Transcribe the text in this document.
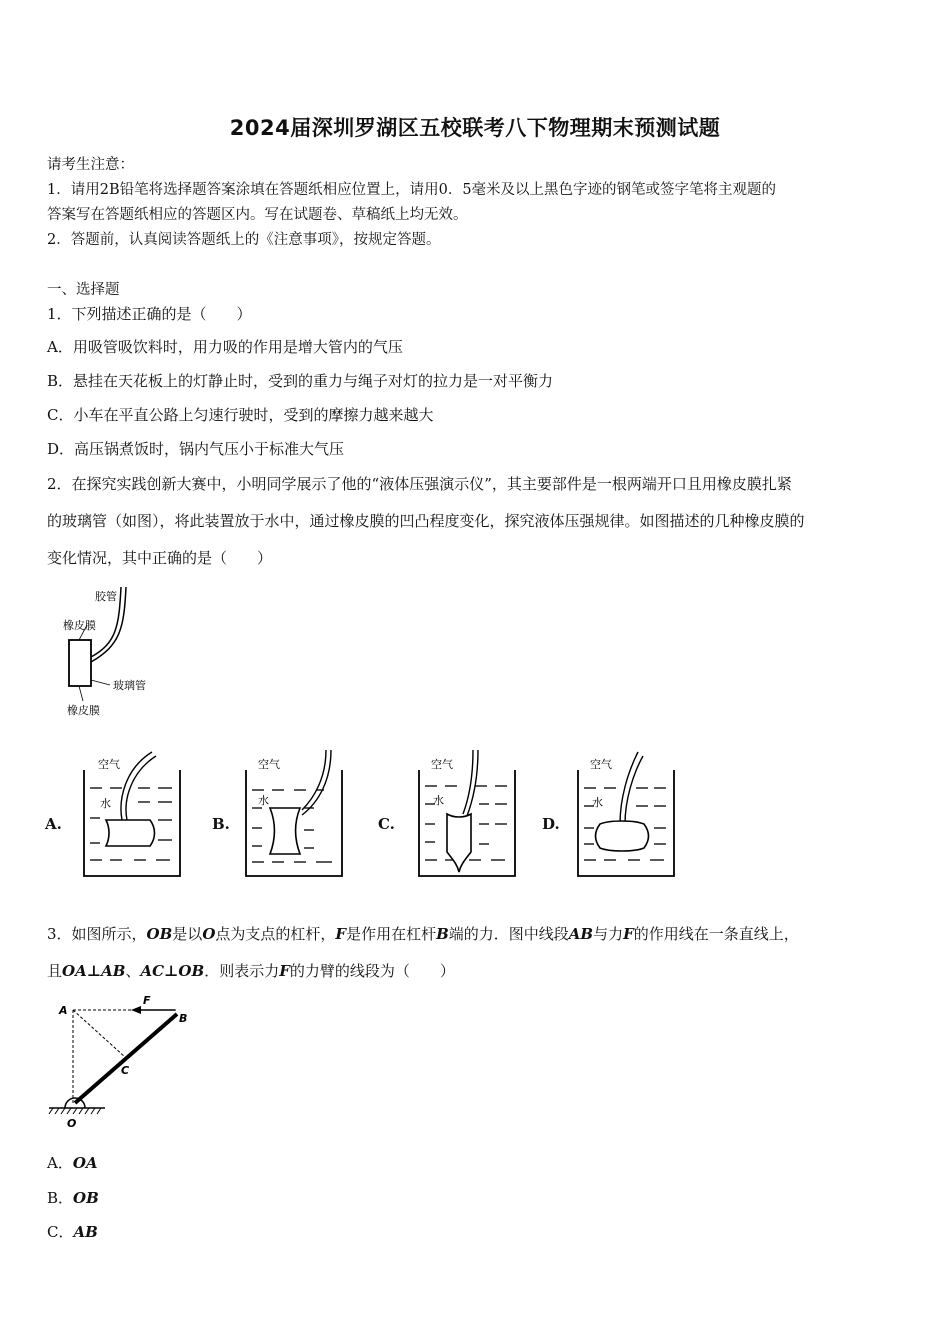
2024届深圳罗湖区五校联考八下物理期末预测试题
请考生注意：
1．请用2B铅笔将选择题答案涂填在答题纸相应位置上，请用0．5毫米及以上黑色字迹的钢笔或签字笔将主观题的
答案写在答题纸相应的答题区内。写在试题卷、草稿纸上均无效。
2．答题前，认真阅读答题纸上的《注意事项》，按规定答题。
一、选择题
1．下列描述正确的是（　　）
A．用吸管吸饮料时，用力吸的作用是增大管内的气压
B．悬挂在天花板上的灯静止时，受到的重力与绳子对灯的拉力是一对平衡力
C．小车在平直公路上匀速行驶时，受到的摩擦力越来越大
D．高压锅煮饭时，锅内气压小于标准大气压
2．在探究实践创新大赛中，小明同学展示了他的“液体压强演示仪”，其主要部件是一根两端开口且用橡皮膜扎紧
的玻璃管（如图），将此装置放于水中，通过橡皮膜的凹凸程度变化，探究液体压强规律。如图描述的几种橡皮膜的
变化情况，其中正确的是（　　）
胶管
橡皮膜
玻璃管
橡皮膜
A.	B.	C.	D.
空气
水
空气
水
空气
水
空气
水
3．如图所示，OB是以O点为支点的杠杆，F是作用在杠杆B端的力．图中线段AB与力F的作用线在一条直线上，
且OA⊥AB、AC⊥OB．则表示力F的力臂的线段为（　　）
A
F
B
C
O
A．OA
B．OB
C．AB
